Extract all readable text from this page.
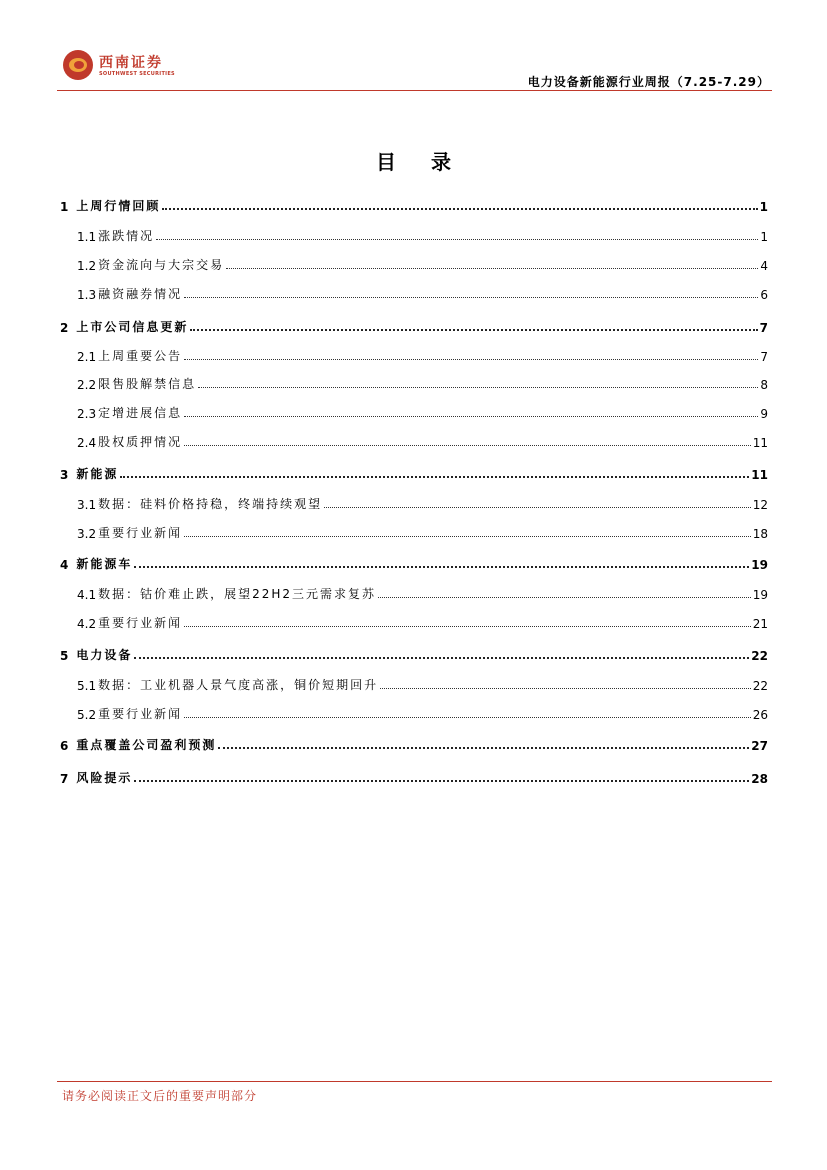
西南证券
SOUTHWEST SECURITIES
电力设备新能源行业周报（7.25-7.29）
目 录
1 上周行情回顾	1
1.1 涨跌情况	1
1.2 资金流向与大宗交易	4
1.3 融资融券情况	6
2 上市公司信息更新	7
2.1 上周重要公告	7
2.2 限售股解禁信息	8
2.3 定增进展信息	9
2.4 股权质押情况	11
3 新能源	11
3.1 数据：硅料价格持稳，终端持续观望	12
3.2 重要行业新闻	18
4 新能源车	19
4.1 数据：钴价难止跌，展望22H2三元需求复苏	19
4.2 重要行业新闻	21
5 电力设备	22
5.1 数据：工业机器人景气度高涨，铜价短期回升	22
5.2 重要行业新闻	26
6 重点覆盖公司盈利预测	27
7 风险提示	28
请务必阅读正文后的重要声明部分
